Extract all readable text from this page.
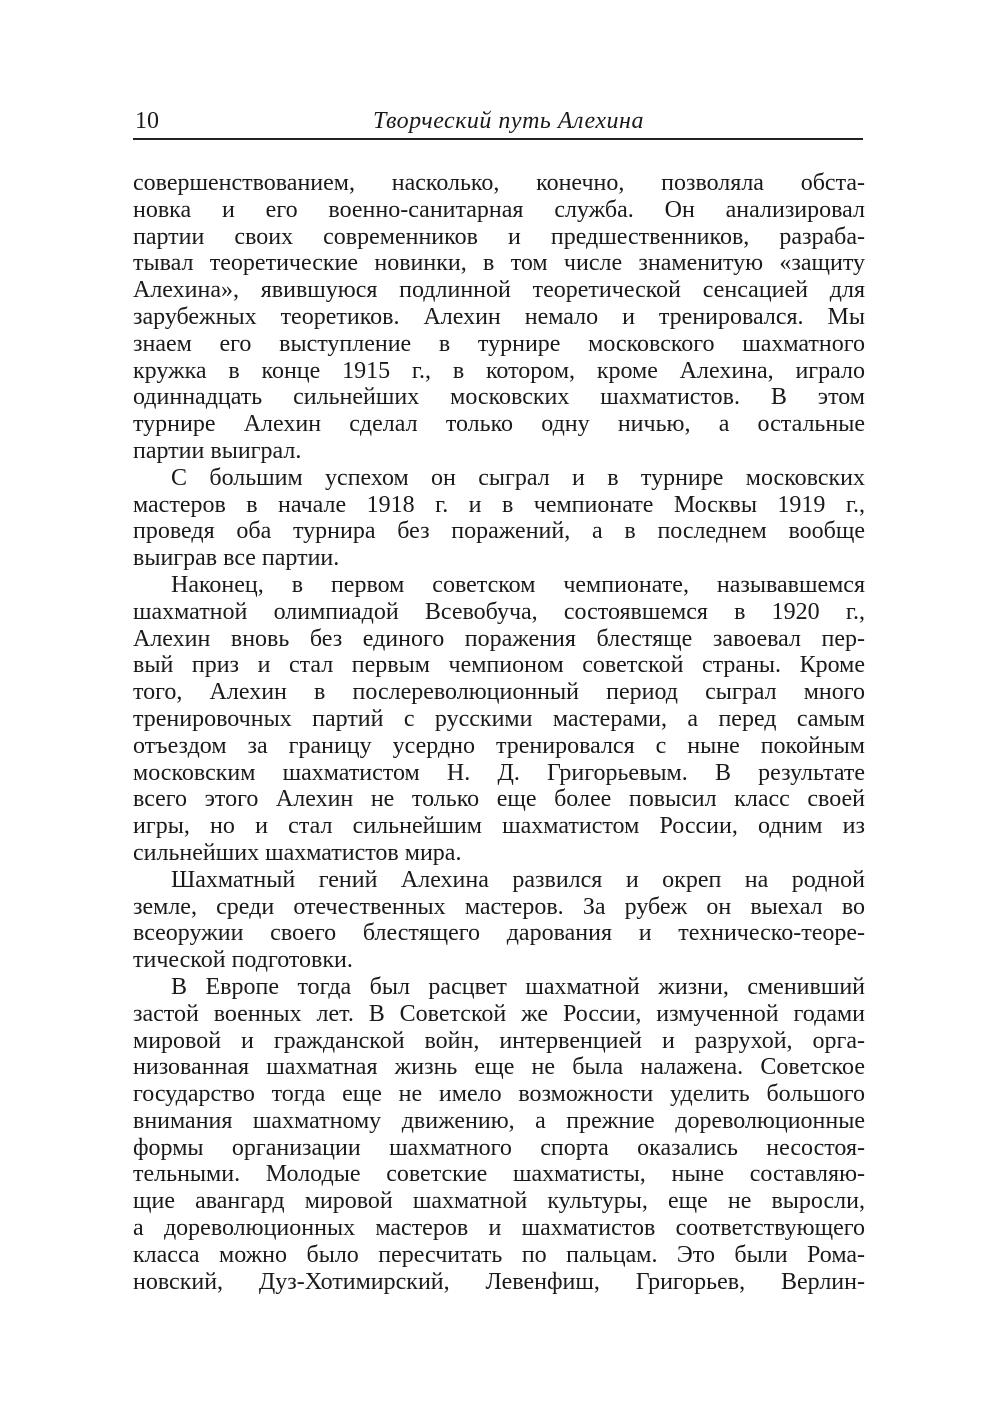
10	Творческий путь Алехина

совершенствованием, насколько, конечно, позволяла обста-

новка и его военно-санитарная служба. Он анализировал

партии своих современников и предшественников, разраба-

тывал теоретические новинки, в том числе знаменитую «защиту

Алехина», явившуюся подлинной теоретической сенсацией для

зарубежных теоретиков. Алехин немало и тренировался. Мы

знаем его выступление в турнире московского шахматного

кружка в конце 1915 г., в котором, кроме Алехина, играло

одиннадцать сильнейших московских шахматистов. В этом

турнире Алехин сделал только одну ничью, а остальные

партии выиграл.

С большим успехом он сыграл и в турнире московских

мастеров в начале 1918 г. и в чемпионате Москвы 1919 г.,

проведя оба турнира без поражений, а в последнем вообще

выиграв все партии.

Наконец, в первом советском чемпионате, называвшемся

шахматной олимпиадой Всевобуча, состоявшемся в 1920 г.,

Алехин вновь без единого поражения блестяще завоевал пер-

вый приз и стал первым чемпионом советской страны. Кроме

того, Алехин в послереволюционный период сыграл много

тренировочных партий с русскими мастерами, а перед самым

отъездом за границу усердно тренировался с ныне покойным

московским шахматистом Н. Д. Григорьевым. В результате

всего этого Алехин не только еще более повысил класс своей

игры, но и стал сильнейшим шахматистом России, одним из

сильнейших шахматистов мира.

Шахматный гений Алехина развился и окреп на родной

земле, среди отечественных мастеров. За рубеж он выехал во

всеоружии своего блестящего дарования и техническо-теоре-

тической подготовки.

В Европе тогда был расцвет шахматной жизни, сменивший

застой военных лет. В Советской же России, измученной годами

мировой и гражданской войн, интервенцией и разрухой, орга-

низованная шахматная жизнь еще не была налажена. Советское

государство тогда еще не имело возможности уделить большого

внимания шахматному движению, а прежние дореволюционные

формы организации шахматного спорта оказались несостоя-

тельными. Молодые советские шахматисты, ныне составляю-

щие авангард мировой шахматной культуры, еще не выросли,

а дореволюционных мастеров и шахматистов соответствующего

класса можно было пересчитать по пальцам. Это были Рома-

новский, Дуз-Хотимирский, Левенфиш, Григорьев, Верлин-
